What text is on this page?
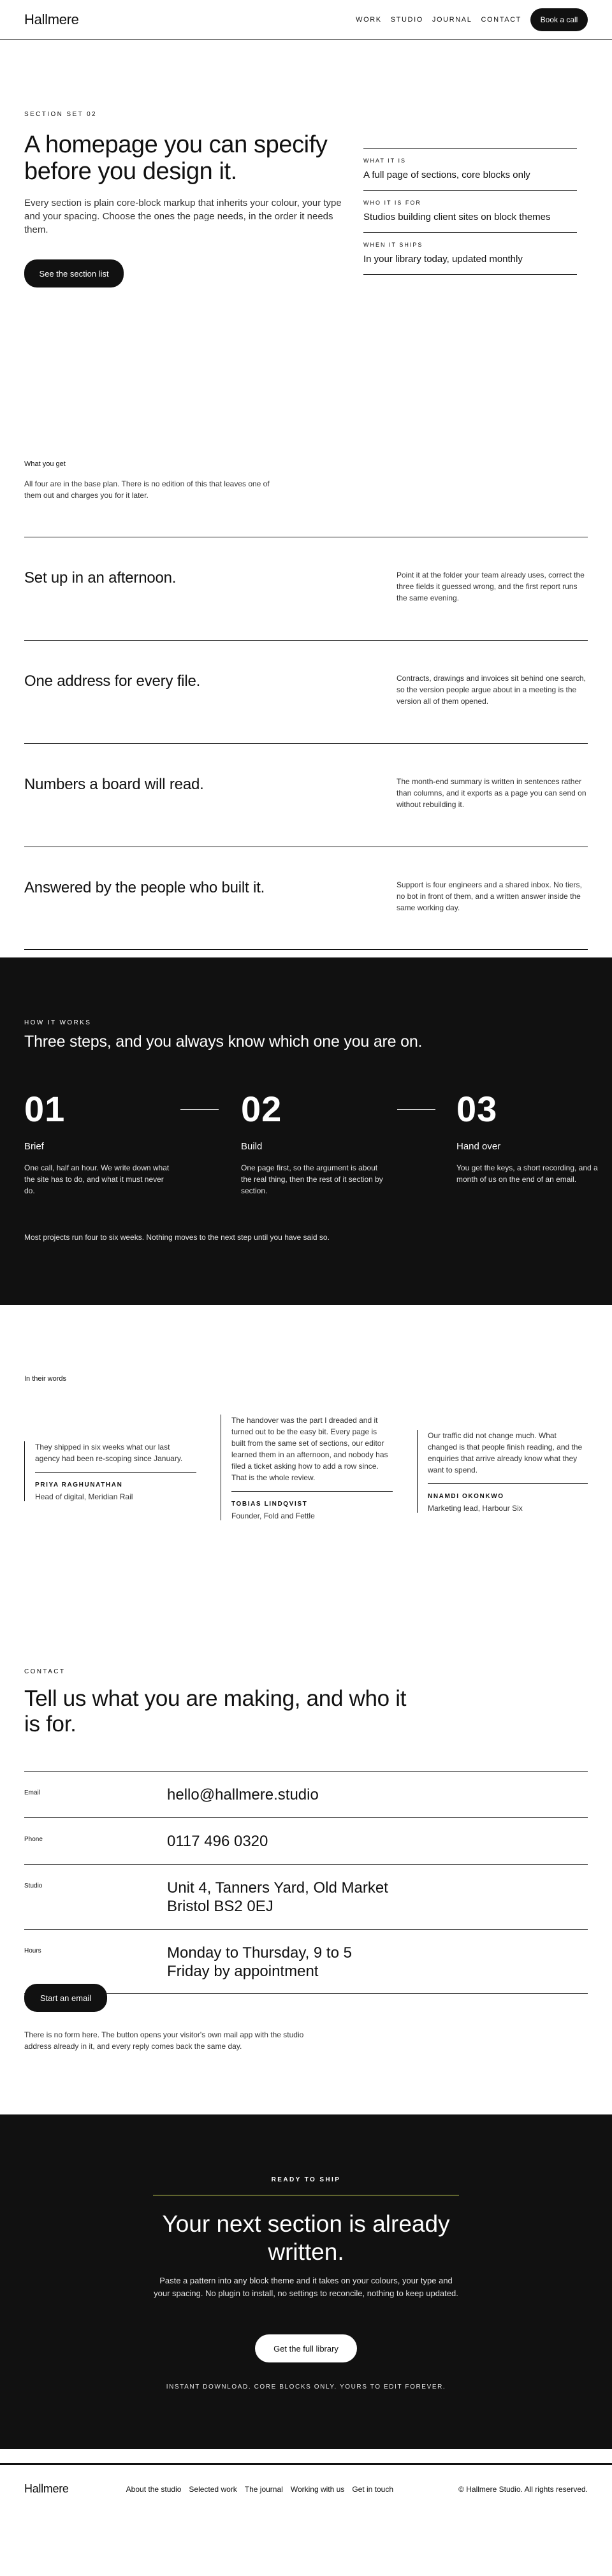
Hallmere	WORK STUDIO JOURNAL CONTACT	Book a call
SECTION SET 02
A homepage you can specify before you design it.

Every section is plain core-block markup that inherits your colour, your type and your spacing. Choose the ones the page needs, in the order it needs them.

See the section list
WHAT IT IS
A full page of sections, core blocks only
WHO IT IS FOR
Studios building client sites on block themes
WHEN IT SHIPS
In your library today, updated monthly
What you get

All four are in the base plan. There is no edition of this that leaves one of them out and charges you for it later.

Set up in an afternoon.	Point it at the folder your team already uses, correct the three fields it guessed wrong, and the first report runs the same evening.
One address for every file.	Contracts, drawings and invoices sit behind one search, so the version people argue about in a meeting is the version all of them opened.
Numbers a board will read.	The month-end summary is written in sentences rather than columns, and it exports as a page you can send on without rebuilding it.
Answered by the people who built it.	Support is four engineers and a shared inbox. No tiers, no bot in front of them, and a written answer inside the same working day.
HOW IT WORKS
Three steps, and you always know which one you are on.
01
Brief
One call, half an hour. We write down what the site has to do, and what it must never do.
02
Build
One page first, so the argument is about the real thing, then the rest of it section by section.
03
Hand over
You get the keys, a short recording, and a month of us on the end of an email.

Most projects run four to six weeks. Nothing moves to the next step until you have said so.

In their words

They shipped in six weeks what our last agency had been re-scoping since January.

PRIYA RAGHUNATHAN
Head of digital, Meridian Rail

The handover was the part I dreaded and it turned out to be the easy bit. Every page is built from the same set of sections, our editor learned them in an afternoon, and nobody has filed a ticket asking how to add a row since. That is the whole review.

TOBIAS LINDQVIST
Founder, Fold and Fettle

Our traffic did not change much. What changed is that people finish reading, and the enquiries that arrive already know what they want to spend.

NNAMDI OKONKWO
Marketing lead, Harbour Six
CONTACT
Tell us what you are making, and who it is for.
Email	hello@hallmere.studio
Phone	0117 496 0320
Studio	Unit 4, Tanners Yard, Old Market
Bristol BS2 0EJ
Hours	Monday to Thursday, 9 to 5
Friday by appointment
Start an email

There is no form here. The button opens your visitor's own mail app with the studio address already in it, and every reply comes back the same day.

READY TO SHIP
Your next section is already written.

Paste a pattern into any block theme and it takes on your colours, your type and your spacing. No plugin to install, no settings to reconcile, nothing to keep updated.

Get the full library
INSTANT DOWNLOAD. CORE BLOCKS ONLY. YOURS TO EDIT FOREVER.
Hallmere	About the studio Selected work The journal Working with us Get in touch	© Hallmere Studio. All rights reserved.
